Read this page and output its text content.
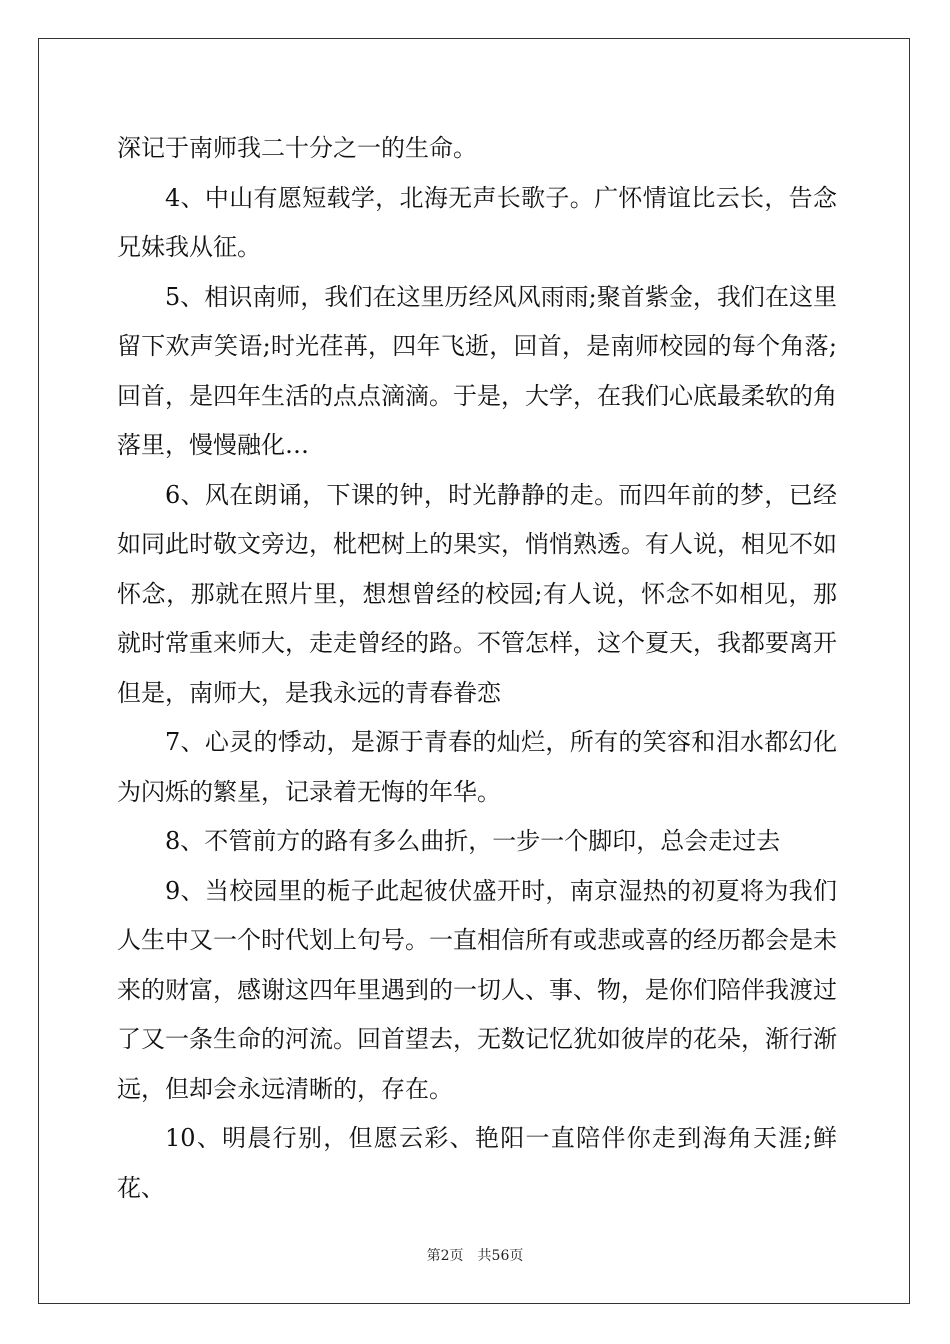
深记于南师我二十分之一的生命。

4、中山有愿短载学，北海无声长歌子。广怀情谊比云长，告念兄妹我从征。

5、相识南师，我们在这里历经风风雨雨;聚首紫金，我们在这里留下欢声笑语;时光荏苒，四年飞逝，回首，是南师校园的每个角落;回首，是四年生活的点点滴滴。于是，大学，在我们心底最柔软的角落里，慢慢融化…

6、风在朗诵，下课的钟，时光静静的走。而四年前的梦，已经如同此时敬文旁边，枇杷树上的果实，悄悄熟透。有人说，相见不如怀念，那就在照片里，想想曾经的校园;有人说，怀念不如相见，那就时常重来师大，走走曾经的路。不管怎样，这个夏天，我都要离开但是，南师大，是我永远的青春眷恋

7、心灵的悸动，是源于青春的灿烂，所有的笑容和泪水都幻化为闪烁的繁星，记录着无悔的年华。

8、不管前方的路有多么曲折，一步一个脚印，总会走过去

9、当校园里的栀子此起彼伏盛开时，南京湿热的初夏将为我们人生中又一个时代划上句号。一直相信所有或悲或喜的经历都会是未来的财富，感谢这四年里遇到的一切人、事、物，是你们陪伴我渡过了又一条生命的河流。回首望去，无数记忆犹如彼岸的花朵，渐行渐远，但却会永远清晰的，存在。

10、明晨行别，但愿云彩、艳阳一直陪伴你走到海角天涯;鲜花、

第2页 共56页
